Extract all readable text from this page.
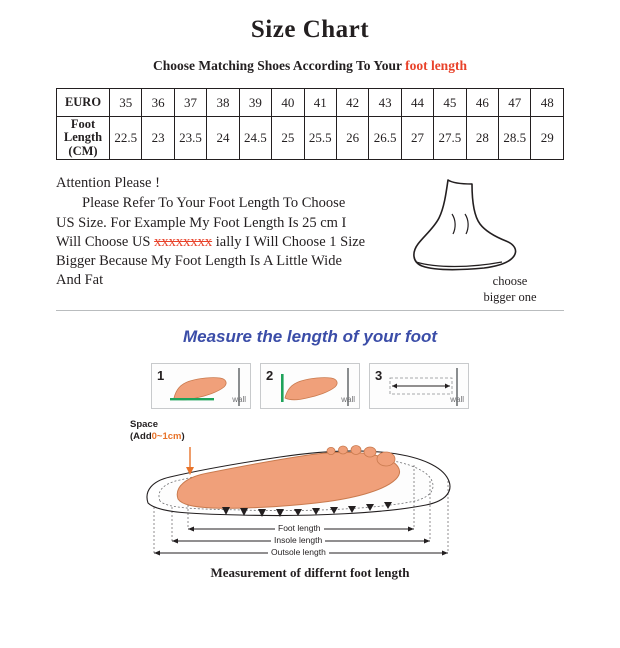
Size Chart
Choose Matching Shoes According To Your foot length
EURO	35	36	37	38	39	40	41	42	43	44	45	46	47	48
Foot
Length
(CM)	22.5	23	23.5	24	24.5	25	25.5	26	26.5	27	27.5	28	28.5	29

Attention Please !

Please Refer To Your Foot Length To Choose

US Size. For Example My Foot Length Is 25 cm I

Will Choose US xxxxxxxx ially I Will Choose 1 Size

Bigger Because My Foot Length Is A Little Wide

And Fat	choose
bigger one
Measure the length of your foot
1
wall
2
wall
3
wall
Space
(Add0~1cm)
Foot length
Insole length
Outsole length
Measurement of differnt foot length
